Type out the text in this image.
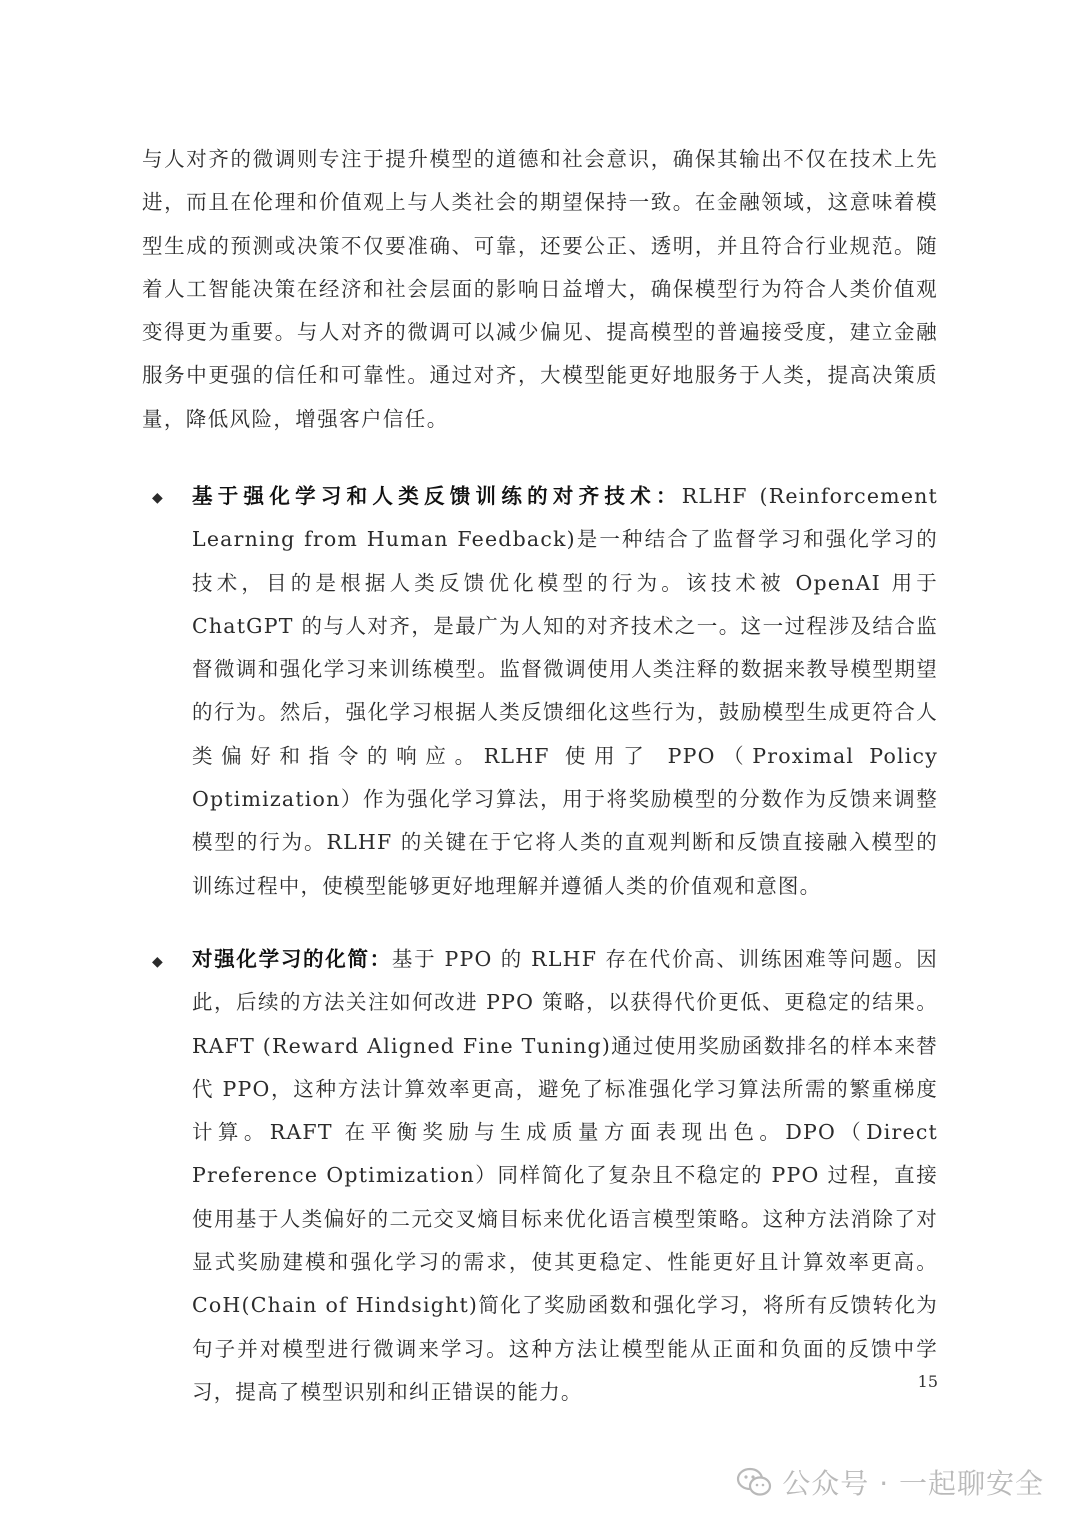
与人对齐的微调则专注于提升模型的道德和社会意识，确保其输出不仅在技术上先进，而且在伦理和价值观上与人类社会的期望保持一致。在金融领域，这意味着模型生成的预测或决策不仅要准确、可靠，还要公正、透明，并且符合行业规范。随着人工智能决策在经济和社会层面的影响日益增大，确保模型行为符合人类价值观变得更为重要。与人对齐的微调可以减少偏见、提高模型的普遍接受度，建立金融服务中更强的信任和可靠性。通过对齐，大模型能更好地服务于人类，提高决策质量，降低风险，增强客户信任。

◆ 基于强化学习和人类反馈训练的对齐技术：RLHF (Reinforcement Learning from Human Feedback)是一种结合了监督学习和强化学习的技术，目的是根据人类反馈优化模型的行为。该技术被 OpenAI 用于 ChatGPT 的与人对齐，是最广为人知的对齐技术之一。这一过程涉及结合监督微调和强化学习来训练模型。监督微调使用人类注释的数据来教导模型期望的行为。然后，强化学习根据人类反馈细化这些行为，鼓励模型生成更符合人类偏好和指令的响应。RLHF 使用了 PPO（Proximal Policy Optimization）作为强化学习算法，用于将奖励模型的分数作为反馈来调整模型的行为。RLHF 的关键在于它将人类的直观判断和反馈直接融入模型的训练过程中，使模型能够更好地理解并遵循人类的价值观和意图。

◆ 对强化学习的化简：基于 PPO 的 RLHF 存在代价高、训练困难等问题。因此，后续的方法关注如何改进 PPO 策略，以获得代价更低、更稳定的结果。RAFT (Reward Aligned Fine Tuning)通过使用奖励函数排名的样本来替代 PPO，这种方法计算效率更高，避免了标准强化学习算法所需的繁重梯度计算。RAFT 在平衡奖励与生成质量方面表现出色。DPO（Direct Preference Optimization）同样简化了复杂且不稳定的 PPO 过程，直接使用基于人类偏好的二元交叉熵目标来优化语言模型策略。这种方法消除了对显式奖励建模和强化学习的需求，使其更稳定、性能更好且计算效率更高。CoH(Chain of Hindsight)简化了奖励函数和强化学习，将所有反馈转化为句子并对模型进行微调来学习。这种方法让模型能从正面和负面的反馈中学习，提高了模型识别和纠正错误的能力。	15
公众号 · 一起聊安全
